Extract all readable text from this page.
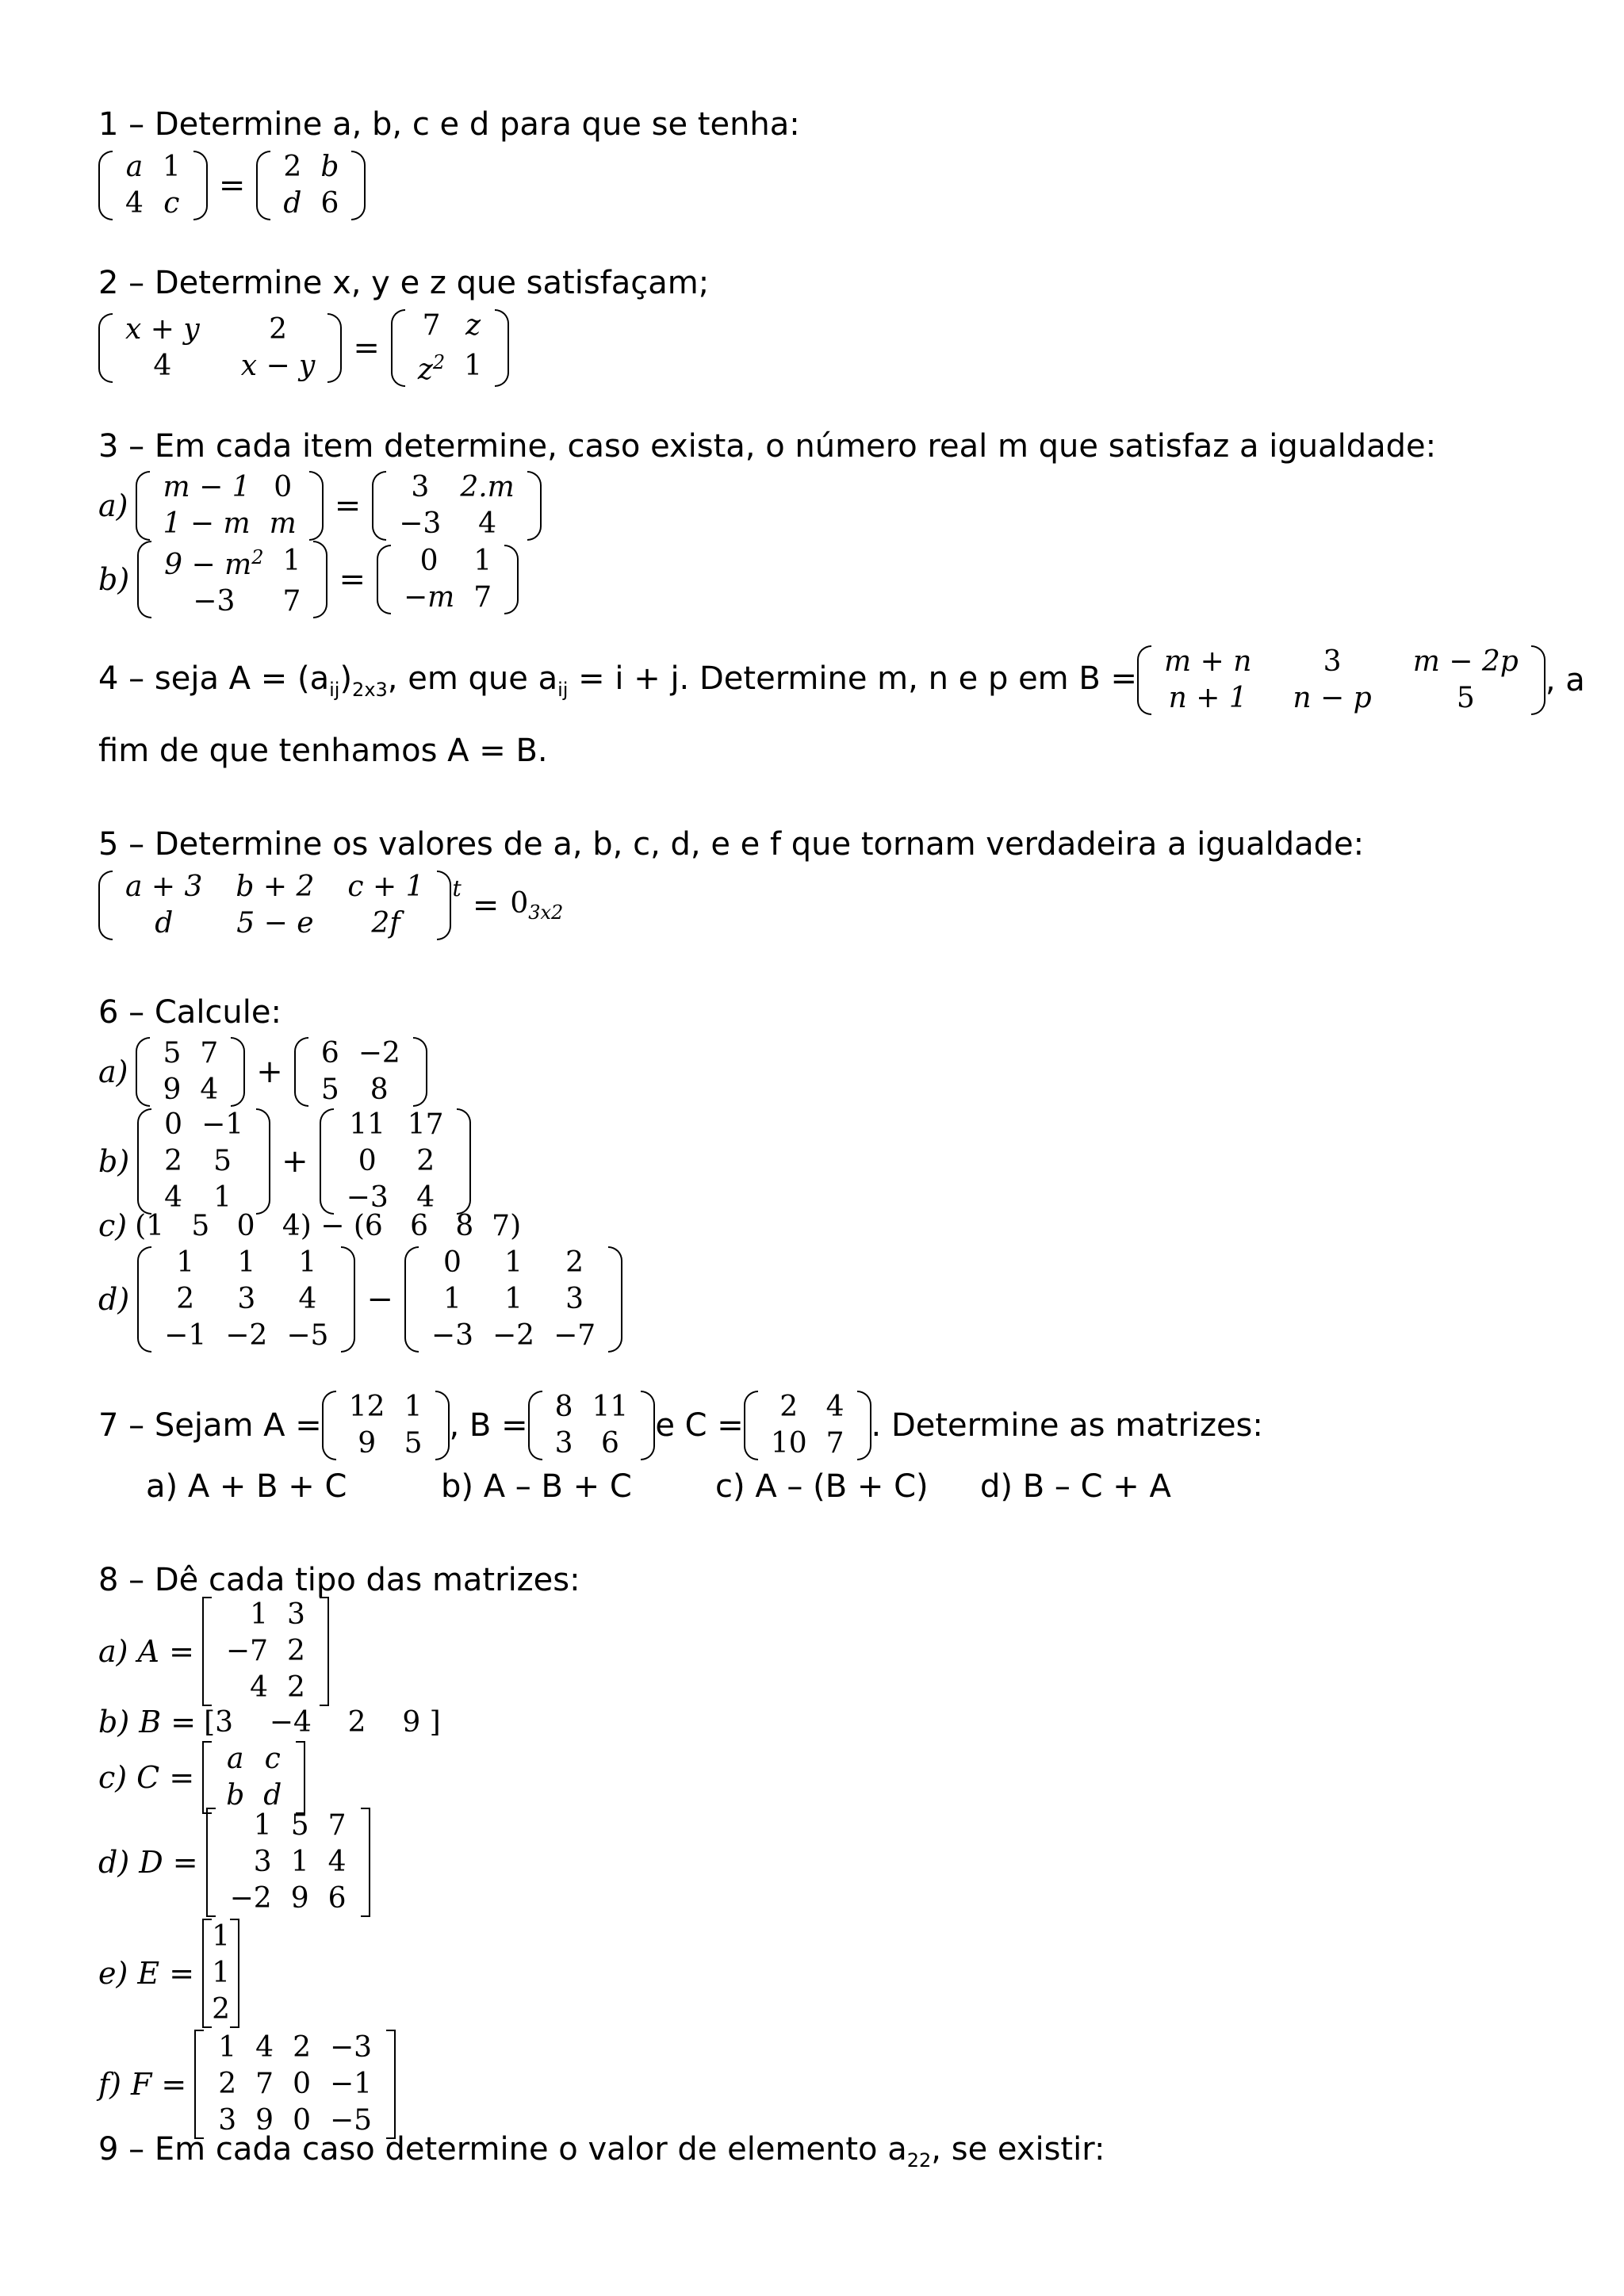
1 – Determine a, b, c e d para que se tenha:
a	1
4	c =
2	b
d	6
2 – Determine x, y e z que satisfaçam;
x + y	2
4	x − y =
7	z
$z^2$	1
3 – Em cada item determine, caso exista, o número real m que satisfaz a igualdade:
a)
m − 1	0
1 − m	m =
3	2.m
−3	4
b) $9 - m^2$	1
−3	7
=
0	1
−m	7
4 – seja $A = (a_{ij})_{2x3}$, em que $a_{ij} = i + j$. Determine m, n e p em B = m + n	3	m − 2p
n + 1	n − p	5 , a
fim de que tenhamos A = B.
5 – Determine os valores de a, b, c, d, e e f que tornam verdadeira a igualdade:
a + 3	b + 2	c + 1
d	5 − e	2f
$t = 0_{3x2}$
6 – Calcule:
a)
5	7
9	4 +
6	−2
5	8
b)
0	−1
2	5
4	1
+
11	17
0	2
−3	4
c) (1   5   0   4) − (6   6   8  7)
d)
1	1	1
2	3	4
−1	−2	−5
−
0	1	2
1	1	3
−3	−2	−7
7 – Sejam A =
12	1
9	5 , B =
8	11
3	6 e C =
2	4
10	7 . Determine as matrizes:
a) A + B + C	b) A – B + C	c) A – (B + C) d) B – C + A
8 – Dê cada tipo das matrizes:
a) A =
1	3
−7	2
4	2
b) B = [3    −4    2    9 ]
c) C =
a	c
b	d
d) D =
1	5	7
3	1	4
−2	9	6
e) E =
1
1
2
f) F =
1	4	2	−3
2	7	0	−1
3	9	0	−5
9 – Em cada caso determine o valor de elemento $a_{22}$, se existir:
